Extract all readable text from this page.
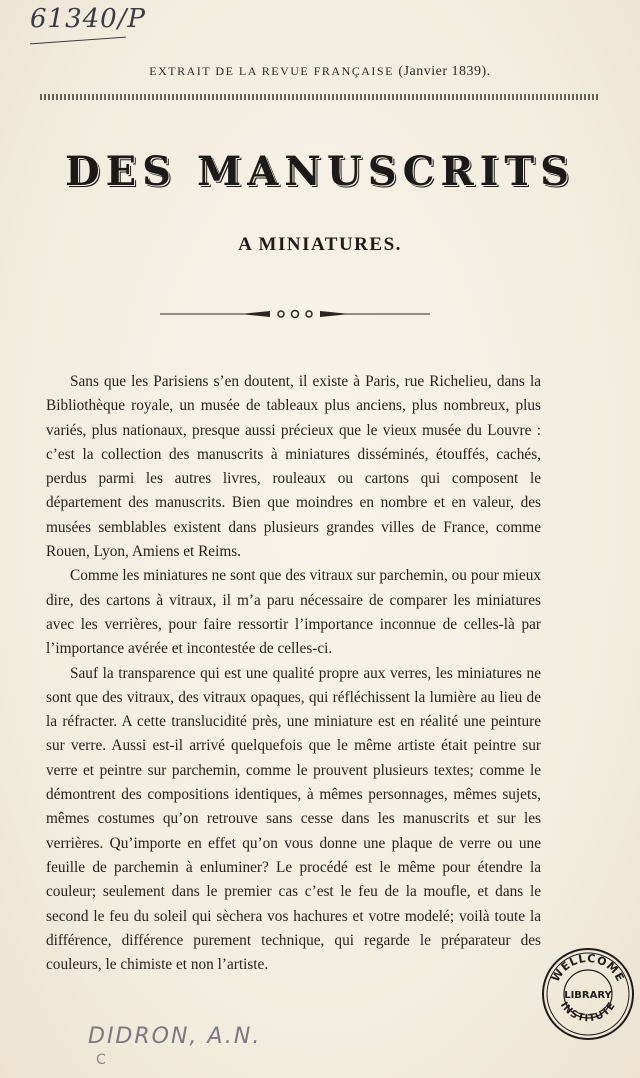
61340/P
EXTRAIT DE LA REVUE FRANÇAISE (Janvier 1839).
DES MANUSCRITS
A MINIATURES.

Sans que les Parisiens s’en doutent, il existe à Paris, rue Richelieu, dans la Bibliothèque royale, un musée de tableaux plus anciens, plus nombreux, plus variés, plus nationaux, presque aussi précieux que le vieux musée du Louvre : c’est la collection des manuscrits à miniatures disséminés, étouffés, cachés, perdus parmi les autres livres, rouleaux ou cartons qui composent le département des manuscrits. Bien que moindres en nombre et en valeur, des musées semblables existent dans plusieurs grandes villes de France, comme Rouen, Lyon, Amiens et Reims.

Comme les miniatures ne sont que des vitraux sur parchemin, ou pour mieux dire, des cartons à vitraux, il m’a paru nécessaire de comparer les miniatures avec les verrières, pour faire ressortir l’importance inconnue de celles-là par l’importance avérée et incontestée de celles-ci.

Sauf la transparence qui est une qualité propre aux verres, les miniatures ne sont que des vitraux, des vitraux opaques, qui réfléchissent la lumière au lieu de la réfracter. A cette translucidité près, une miniature est en réalité une peinture sur verre. Aussi est-il arrivé quelquefois que le même artiste était peintre sur verre et peintre sur parchemin, comme le prouvent plusieurs textes; comme le démontrent des compositions identiques, à mêmes personnages, mêmes sujets, mêmes costumes qu’on retrouve sans cesse dans les manuscrits et sur les verrières. Qu’importe en effet qu’on vous donne une plaque de verre ou une feuille de parchemin à enluminer? Le procédé est le même pour étendre la couleur; seulement dans le premier cas c’est le feu de la moufle, et dans le second le feu du soleil qui sèchera vos hachures et votre modelé; voilà toute la différence, différence purement technique, qui regarde le préparateur des couleurs, le chimiste et non l’artiste.

DIDRON, A.N.
C
WELLCOME
LIBRARY
INSTITUTE
